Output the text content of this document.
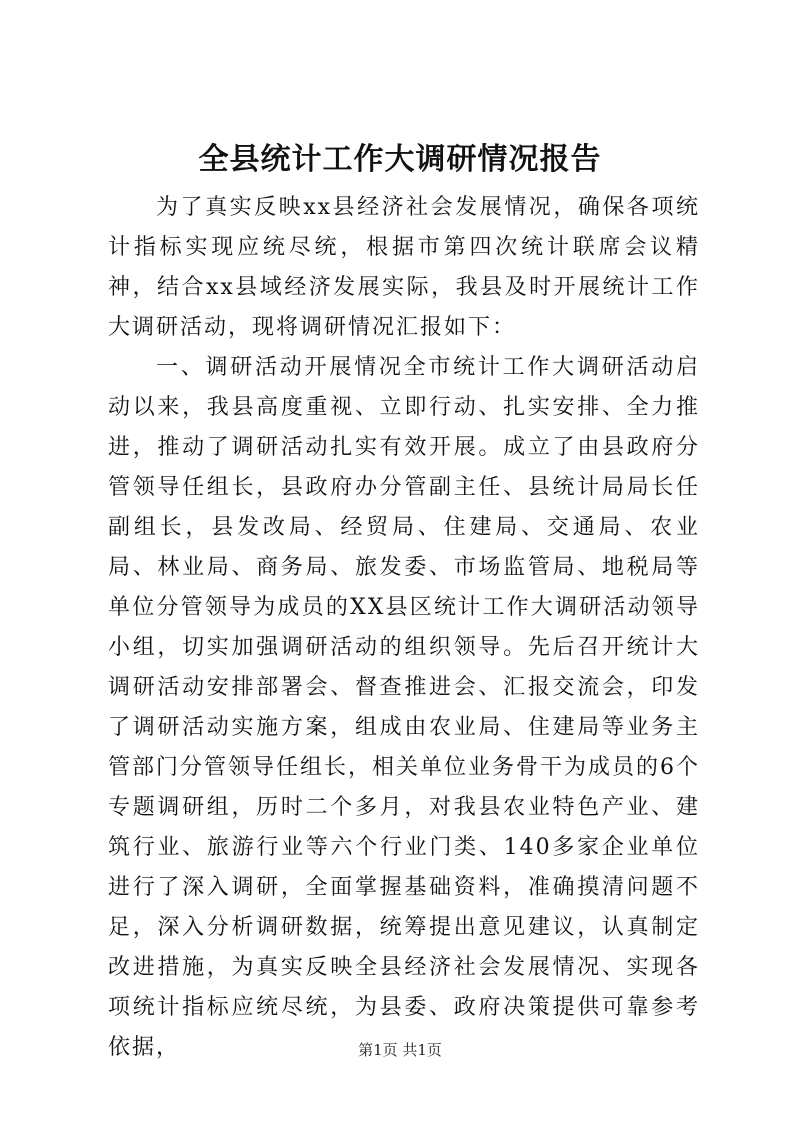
全县统计工作大调研情况报告

为了真实反映xx县经济社会发展情况，确保各项统计指标实现应统尽统，根据市第四次统计联席会议精神，结合xx县域经济发展实际，我县及时开展统计工作大调研活动，现将调研情况汇报如下：

一、调研活动开展情况全市统计工作大调研活动启动以来，我县高度重视、立即行动、扎实安排、全力推进，推动了调研活动扎实有效开展。成立了由县政府分管领导任组长，县政府办分管副主任、县统计局局长任副组长，县发改局、经贸局、住建局、交通局、农业局、林业局、商务局、旅发委、市场监管局、地税局等单位分管领导为成员的XX县区统计工作大调研活动领导小组，切实加强调研活动的组织领导。先后召开统计大调研活动安排部署会、督查推进会、汇报交流会，印发了调研活动实施方案，组成由农业局、住建局等业务主管部门分管领导任组长，相关单位业务骨干为成员的6个专题调研组，历时二个多月，对我县农业特色产业、建筑行业、旅游行业等六个行业门类、140多家企业单位进行了深入调研，全面掌握基础资料，准确摸清问题不足，深入分析调研数据，统筹提出意见建议，认真制定改进措施，为真实反映全县经济社会发展情况、实现各项统计指标应统尽统，为县委、政府决策提供可靠参考依据，	第1页 共1页
